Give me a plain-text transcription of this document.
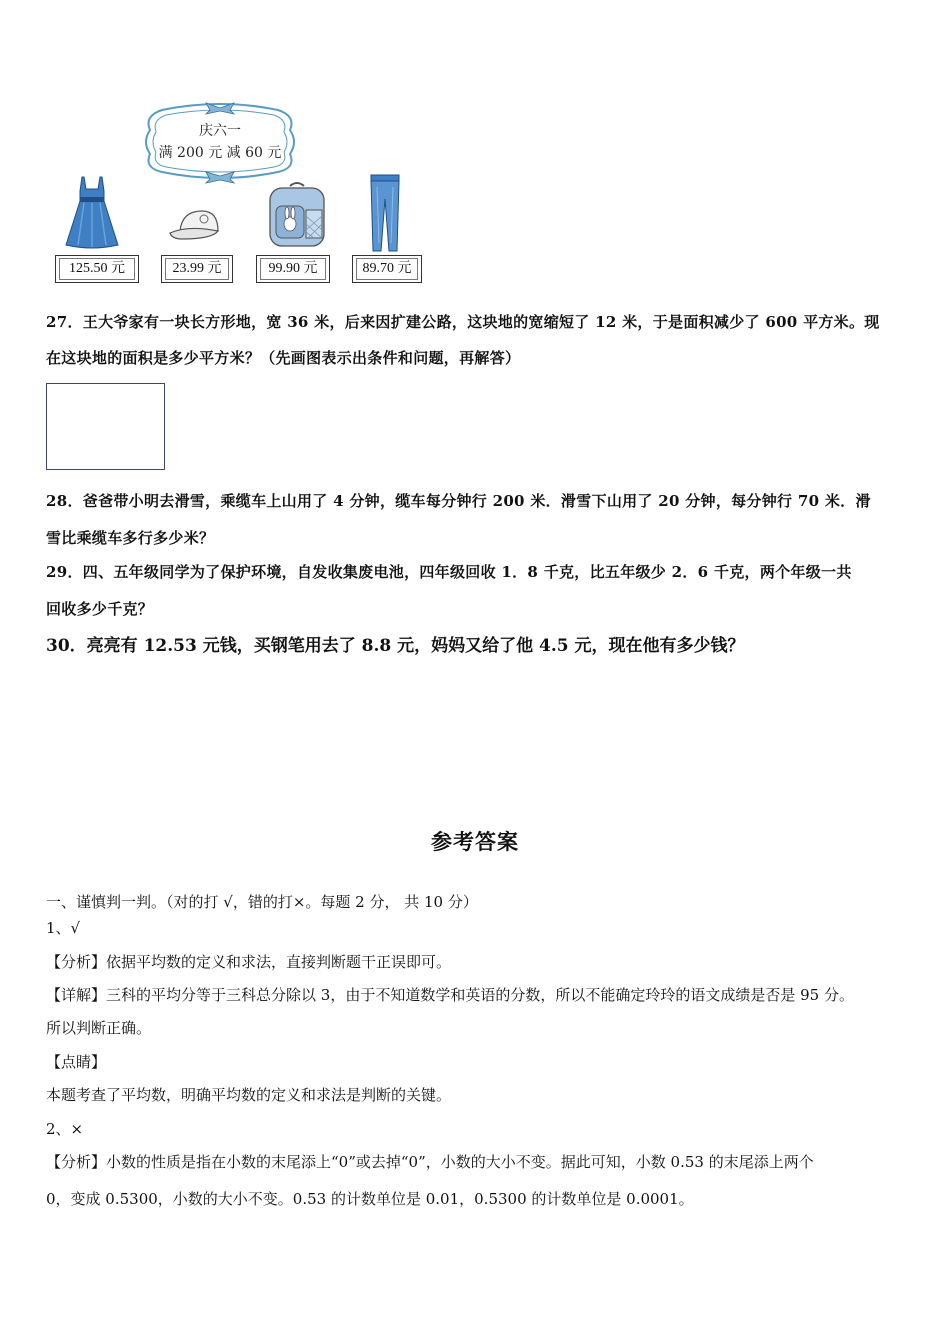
庆六一
满 200 元 减 60 元
125.50 元	23.99 元	99.90 元	89.70 元
27．王大爷家有一块长方形地，宽 36 米，后来因扩建公路，这块地的宽缩短了 12 米，于是面积减少了 600 平方米。现
在这块地的面积是多少平方米？（先画图表示出条件和问题，再解答）
28．爸爸带小明去滑雪，乘缆车上山用了 4 分钟，缆车每分钟行 200 米．滑雪下山用了 20 分钟，每分钟行 70 米．滑
雪比乘缆车多行多少米？
29．四、五年级同学为了保护环境，自发收集废电池，四年级回收 1．8 千克，比五年级少 2．6 千克，两个年级一共
回收多少千克？
30．亮亮有 12.53 元钱，买钢笔用去了 8.8 元，妈妈又给了他 4.5 元，现在他有多少钱？
参考答案
一、谨慎判一判。（对的打 √，错的打×。每题 2 分， 共 10 分）
1、√
【分析】依据平均数的定义和求法，直接判断题干正误即可。
【详解】三科的平均分等于三科总分除以 3，由于不知道数学和英语的分数，所以不能确定玲玲的语文成绩是否是 95 分。
所以判断正确。
【点睛】
本题考查了平均数，明确平均数的定义和求法是判断的关键。
2、×
【分析】小数的性质是指在小数的末尾添上“0”或去掉“0”，小数的大小不变。据此可知，小数 0.53 的末尾添上两个
0，变成 0.5300，小数的大小不变。0.53 的计数单位是 0.01，0.5300 的计数单位是 0.0001。
